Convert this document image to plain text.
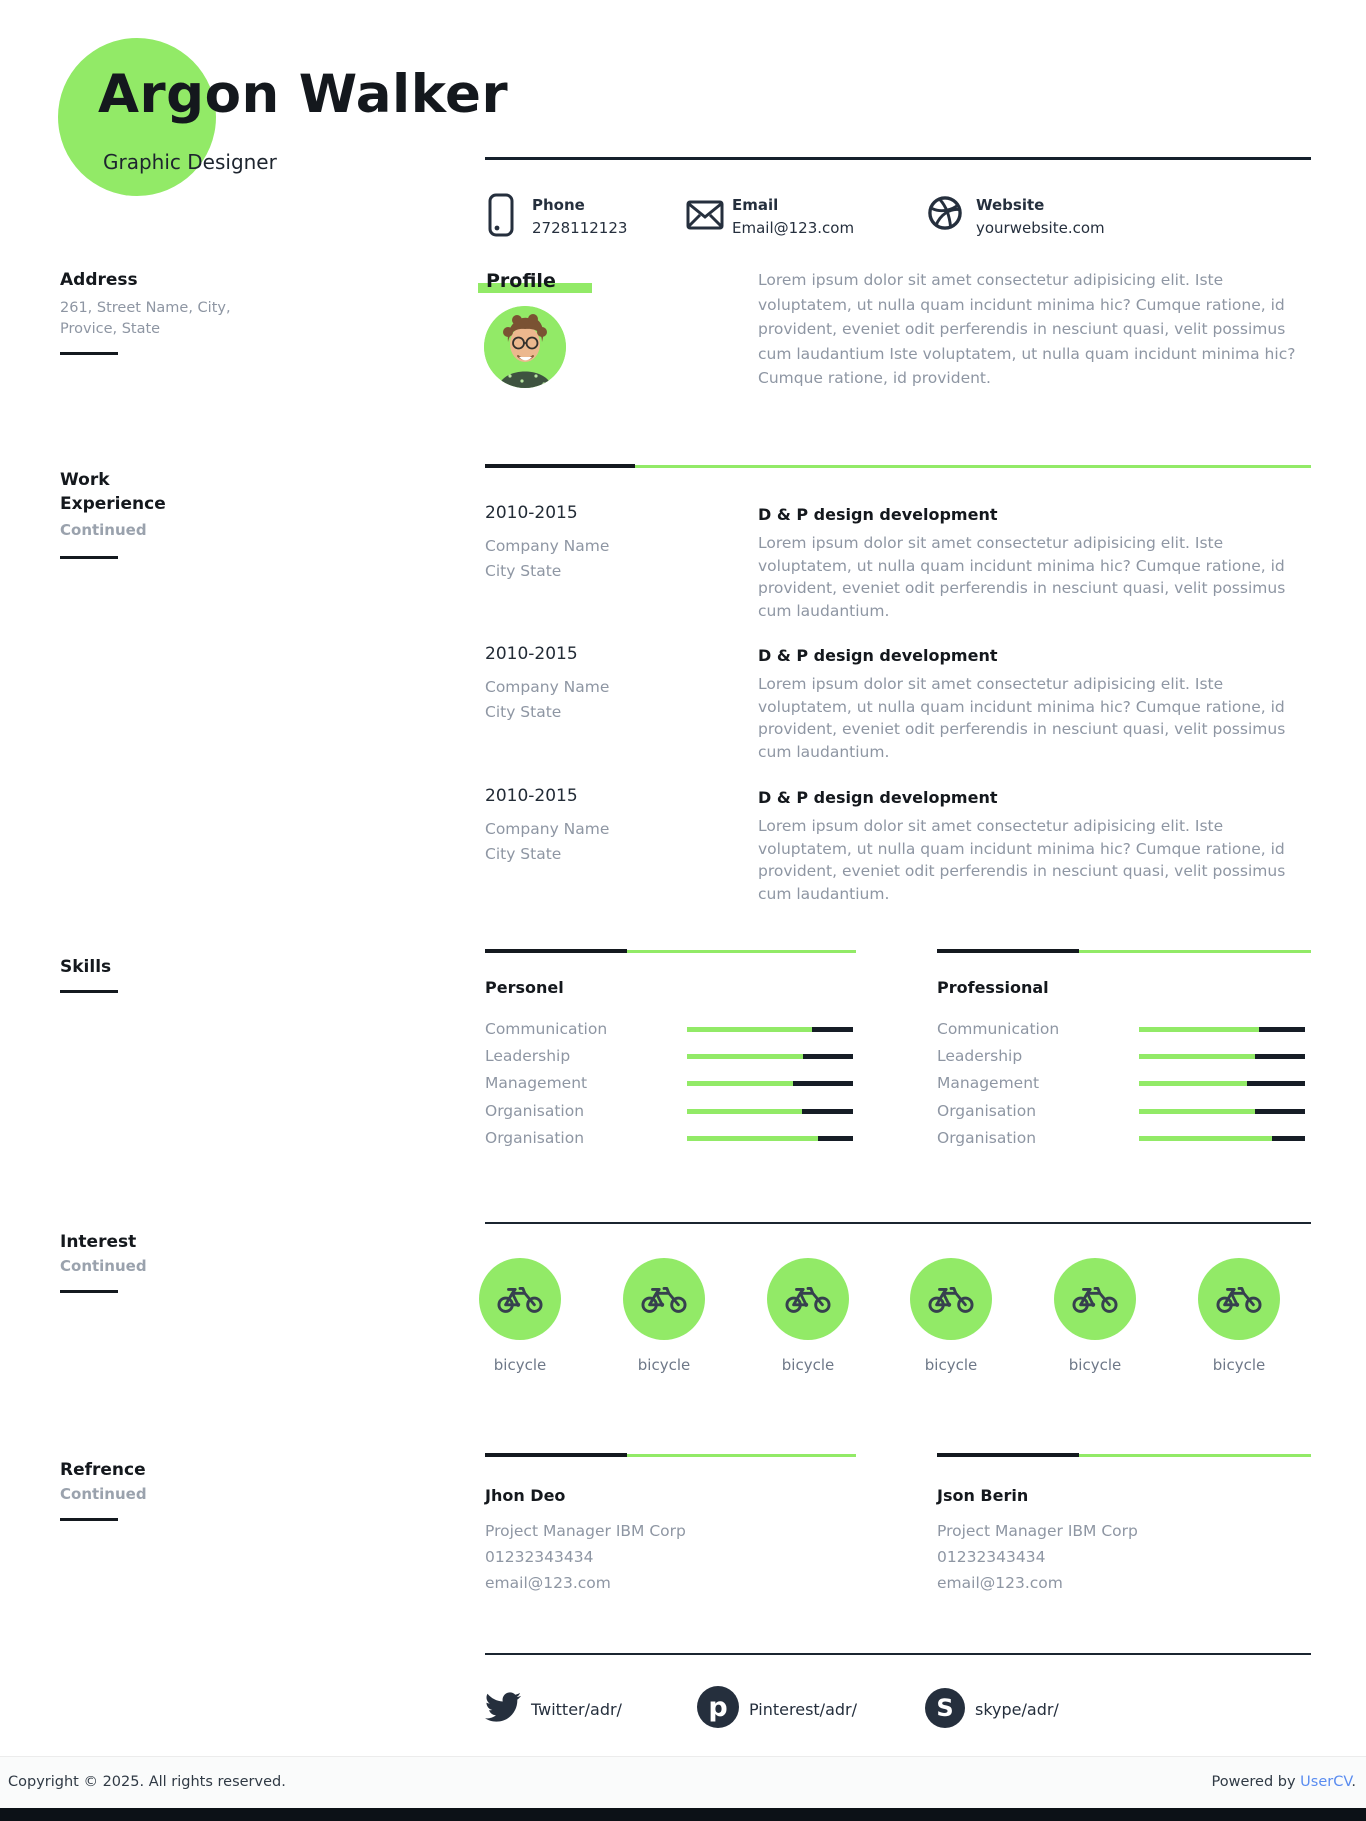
Argon Walker
Graphic Designer
Phone
2728112123
Email
Email@123.com
Website
yourwebsite.com
Address
261, Street Name, City,
Provice, State
Profile	Lorem ipsum dolor sit amet consectetur adipisicing elit. Iste voluptatem, ut nulla quam incidunt minima hic? Cumque ratione, id provident, eveniet odit perferendis in nesciunt quasi, velit possimus cum laudantium Iste voluptatem, ut nulla quam incidunt minima hic? Cumque ratione, id provident.
Work
Experience
Continued
2010-2015
Company Name
City State
D & P design development
Lorem ipsum dolor sit amet consectetur adipisicing elit. Iste voluptatem, ut nulla quam incidunt minima hic? Cumque ratione, id provident, eveniet odit perferendis in nesciunt quasi, velit possimus cum laudantium.
2010-2015
Company Name
City State
D & P design development
Lorem ipsum dolor sit amet consectetur adipisicing elit. Iste voluptatem, ut nulla quam incidunt minima hic? Cumque ratione, id provident, eveniet odit perferendis in nesciunt quasi, velit possimus cum laudantium.
2010-2015
Company Name
City State
D & P design development
Lorem ipsum dolor sit amet consectetur adipisicing elit. Iste voluptatem, ut nulla quam incidunt minima hic? Cumque ratione, id provident, eveniet odit perferendis in nesciunt quasi, velit possimus cum laudantium.
Skills
Personel
Communication
Leadership
Management
Organisation
Organisation
Professional
Communication
Leadership
Management
Organisation
Organisation
Interest
Continued
bicycle	bicycle	bicycle	bicycle	bicycle	bicycle
Refrence
Continued	Jhon Deo
Project Manager IBM Corp
01232343434
email@123.com
Json Berin
Project Manager IBM Corp
01232343434
email@123.com
Twitter/adr/	p	Pinterest/adr/	S	skype/adr/
Copyright © 2025. All rights reserved.	Powered by UserCV.
